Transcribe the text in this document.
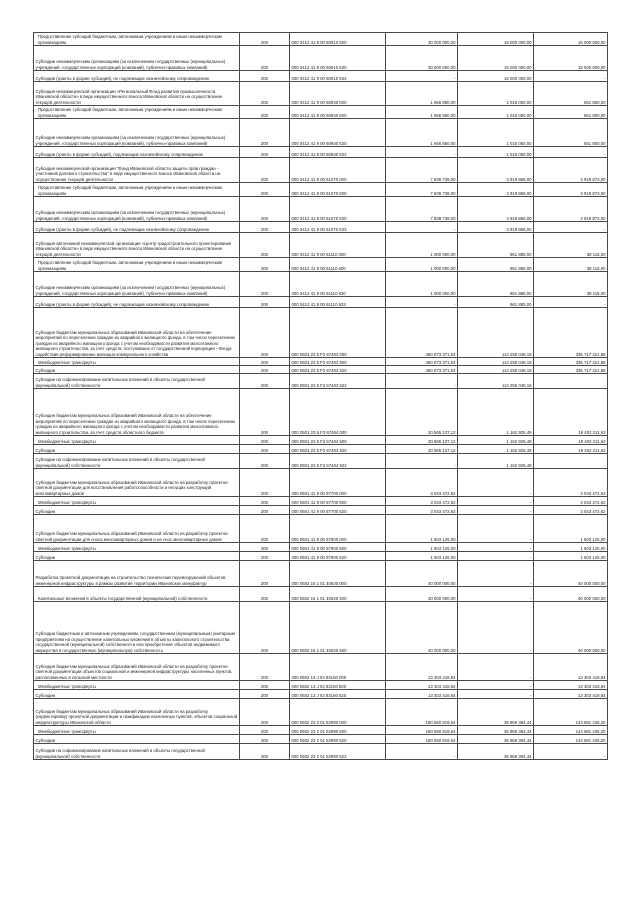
Предоставление субсидий бюджетным, автономным учреждениям и иным некоммерческим организациям	200	000 0412 41 9 00 60910 600	30 000 000,00	15 000 000,00	15 000 000,00
Субсидии некоммерческим организациям (за исключением государственных (муниципальных) учреждений, государственных корпораций (компаний), публично-правовых компаний)	200	000 0412 41 9 00 60910 630	30 000 000,00	15 000 000,00	15 000 000,00
Субсидии (гранты в форме субсидий), не подлежащие казначейскому сопровождению	200	000 0412 41 9 00 60910 633	-	15 000 000,00	-
Субсидия некоммерческой организации «Региональный Фонд развития промышленности Ивановской области» в виде имущественного взноса Ивановской области на осуществление текущей деятельности	200	000 0412 41 9 00 60940 000	1 666 850,00	1 015 050,00	651 800,00
Предоставление субсидий бюджетным, автономным учреждениям и иным некоммерческим организациям	200	000 0412 41 9 00 60940 600	1 666 850,00	1 015 050,00	651 800,00
Субсидии некоммерческим организациям (за исключением государственных (муниципальных) учреждений, государственных корпораций (компаний), публично-правовых компаний)	200	000 0412 41 9 00 60940 630	1 666 850,00	1 015 050,00	651 800,00
Субсидии (гранты в форме субсидий), подлежащие казначейскому сопровождению	200	000 0412 41 9 00 60940 632	-	1 015 050,00	-
Субсидия некоммерческой организации "Фонд Ивановской области защиты прав граждан - участников долевого строительства" в виде имущественного взноса Ивановской области на осуществление текущей деятельности	200	000 0412 41 9 00 61070 000	7 839 739,00	3 919 866,00	3 919 873,00
Предоставление субсидий бюджетным, автономным учреждениям и иным некоммерческим организациям	200	000 0412 41 9 00 61070 600	7 839 739,00	3 919 866,00	3 919 873,00
Субсидии некоммерческим организациям (за исключением государственных (муниципальных) учреждений, государственных корпораций (компаний), публично-правовых компаний)	200	000 0412 41 9 00 61070 630	7 839 739,00	3 919 866,00	3 919 873,00
Субсидии (гранты в форме субсидий), не подлежащие казначейскому сопровождению	200	000 0412 41 9 00 61070 633	-	3 919 866,00	-
Субсидия автономной некоммерческой организации «Центр градостроительного проектирования Ивановской области» в виде имущественного взноса Ивановской области на осуществление текущей деятельности	200	000 0412 41 9 00 61110 000	1 000 000,00	961 885,00	38 115,00
Предоставление субсидий бюджетным, автономным учреждениям и иным некоммерческим организациям	200	000 0412 41 9 00 61110 600	1 000 000,00	961 885,00	38 115,00
Субсидии некоммерческим организациям (за исключением государственных (муниципальных) учреждений, государственных корпораций (компаний), публично-правовых компаний)	200	000 0412 41 9 00 61110 630	1 000 000,00	961 885,00	38 115,00
Субсидии (гранты в форме субсидий), не подлежащие казначейскому сопровождению	200	000 0412 41 9 00 61110 633	-	961 885,00	-
Субсидия бюджетам муниципальных образований Ивановской области на обеспечение мероприятий по переселению граждан из аварийного жилищного фонда, в том числе переселению граждан из аварийного жилищного фонда с учетом необходимости развития малоэтажного жилищного строительства, за счет средств, поступивших от государственной корпорации - Фонда содействия реформированию жилищно-коммунального хозяйства	200	000 0501 23 6 F3 67483 000	450 973 371,04	114 256 049,16	336 717 321,88
Межбюджетные трансферты	200	000 0501 23 6 F3 67483 500	450 973 371,04	114 256 049,16	336 717 321,88
Субсидии	200	000 0501 23 6 F3 67483 520	450 973 371,04	114 256 049,16	336 717 321,88
Субсидии на софинансирование капитальных вложений в объекты государственной (муниципальной) собственности	200	000 0501 23 6 F3 67483 522	-	114 256 049,16	-
Субсидия бюджетам муниципальных образований Ивановской области на обеспечение мероприятий по переселению граждан из аварийного жилищного фонда, в том числе переселению граждан из аварийного жилищного фонда с учетом необходимости развития малоэтажного жилищного строительства, за счет средств областного бюджета	200	000 0501 23 6 F3 67484 000	20 565 137,12	1 162 925,49	19 402 211,63
Межбюджетные трансферты	200	000 0501 23 6 F3 67484 500	20 565 137,12	1 162 925,49	19 402 211,63
Субсидии	200	000 0501 23 6 F3 67484 520	20 565 137,12	1 162 925,49	19 402 211,63
Субсидии на софинансирование капитальных вложений в объекты государственной (муниципальной) собственности	200	000 0501 23 6 F3 67484 522	-	1 162 925,49	-
Субсидия бюджетам муниципальных образований Ивановской области на разработку проектно-сметной документации для восстановления работоспособности и несущих конструкций многоквартирных домов	200	000 0501 41 9 00 87700 000	3 043 472,62	-	3 043 472,62
Межбюджетные трансферты	200	000 0501 41 9 00 87700 500	3 043 472,62	-	3 043 472,62
Субсидии	200	000 0501 41 9 00 87700 520	3 043 472,62	-	3 043 472,62
Субсидия бюджетам муниципальных образований Ивановской области на разработку проектно-сметной документации для сноса многоквартирных домов и на снос многоквартирных домов	200	000 0501 41 9 00 87900 000	1 603 125,00	-	1 603 125,00
Межбюджетные трансферты	200	000 0501 41 9 00 87900 500	1 603 125,00	-	1 603 125,00
Субсидии	200	000 0501 41 9 00 87900 520	1 603 125,00	-	1 603 125,00
Разработка проектной документации на строительство технических перевооружений объектов инженерной инфраструктуры в рамках развития территории Ивановских мануфактур	200	000 0502 16 1 01 40620 000	40 000 000,00	-	40 000 000,00
Капитальные вложения в объекты государственной (муниципальной) собственности	200	000 0502 16 1 01 40620 400	40 000 000,00	-	40 000 000,00
Субсидии бюджетным и автономным учреждениям, государственным (муниципальным) унитарным предприятиям на осуществление капитальных вложений в объекты капитального строительства государственной (муниципальной) собственности или приобретение объектов недвижимого имущества в государственную (муниципальную) собственность	200	000 0502 16 1 01 40620 460	40 000 000,00	-	40 000 000,00
Субсидия бюджетам муниципальных образований Ивановской области на разработку проектно-сметной документации объектов социальной и инженерной инфраструктуры населенных пунктов, расположенных в сельской местности	200	000 0502 13 J 02 83160 000	13 303 418,84	-	13 303 418,84
Межбюджетные трансферты	200	000 0502 13 J 02 83160 500	13 303 418,84	-	13 303 418,84
Субсидии	200	000 0502 13 J 02 83160 520	13 303 418,84	-	13 303 418,84
Субсидия бюджетам муниципальных образований Ивановской области на разработку (корректировку) проектной документации и газификацию населенных пунктов, объектов социальной инфраструктуры Ивановской области	200	000 0502 23 2 01 82990 000	180 650 819,64	35 969 384,44	144 681 435,20
Межбюджетные трансферты	200	000 0502 23 2 01 82990 500	180 650 819,64	35 969 384,44	144 681 435,20
Субсидии	200	000 0502 23 2 01 82990 520	180 650 819,64	35 969 384,44	144 681 435,20
Субсидии на софинансирование капитальных вложений в объекты государственной (муниципальной) собственности	200	000 0502 23 2 01 82990 522	-	35 969 384,44	-
